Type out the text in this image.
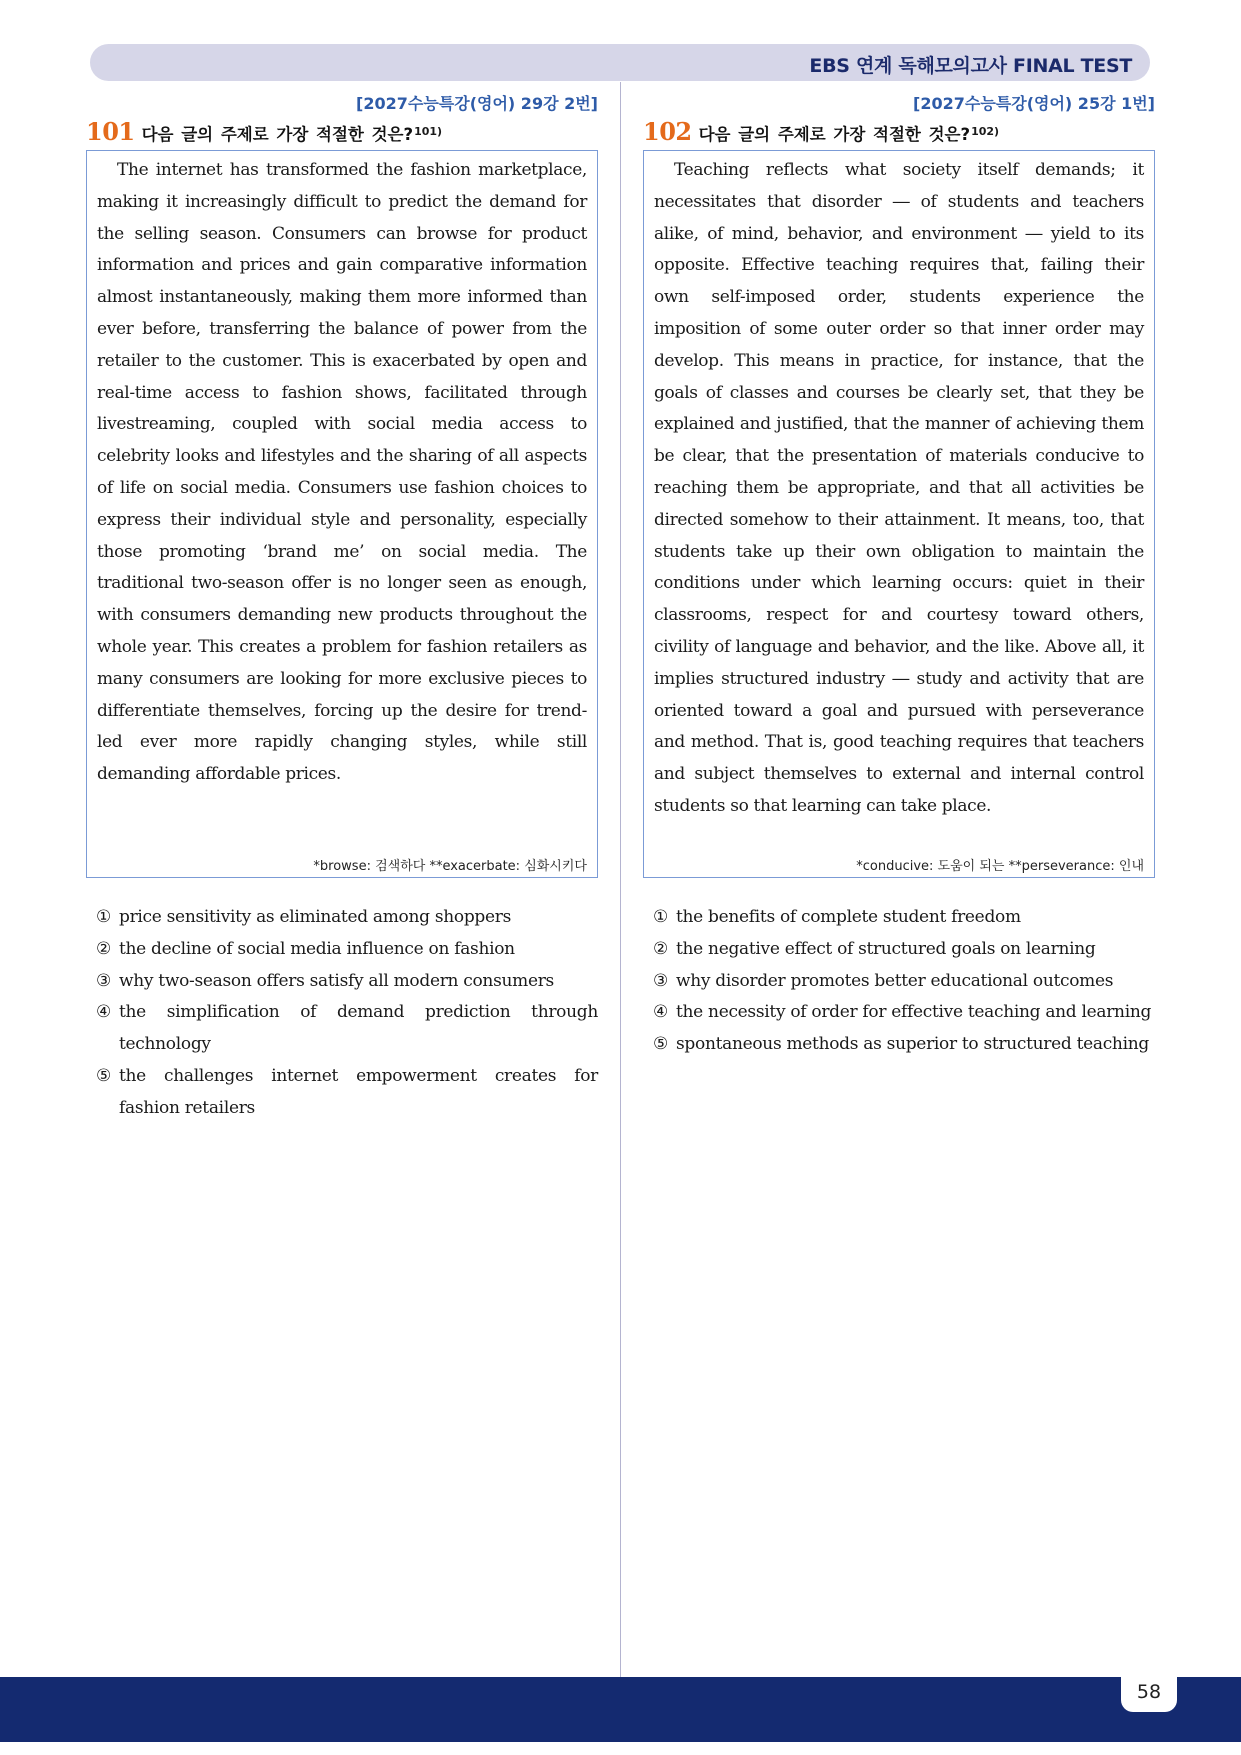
EBS 연계 독해모의고사 FINAL TEST
[2027수능특강(영어) 29강 2번]
101 다음 글의 주제로 가장 적절한 것은? 101)

The internet has transformed the fashion marketplace, making it increasingly difficult to predict the demand for the selling season. Consumers can browse for product information and prices and gain comparative information almost instantaneously, making them more informed than ever before, transferring the balance of power from the retailer to the customer. This is exacerbated by open and real-time access to fashion shows, facilitated through livestreaming, coupled with social media access to celebrity looks and lifestyles and the sharing of all aspects of life on social media. Consumers use fashion choices to express their individual style and personality, especially those promoting ‘brand me’ on social media. The traditional two-season offer is no longer seen as enough, with consumers demanding new products throughout the whole year. This creates a problem for fashion retailers as many consumers are looking for more exclusive pieces to differentiate themselves, forcing up the desire for trend-led ever more rapidly changing styles, while still demanding affordable prices.

*browse: 검색하다 **exacerbate: 심화시키다
① price sensitivity as eliminated among shoppers
② the decline of social media influence on fashion
③ why two-season offers satisfy all modern consumers
④ the simplification of demand prediction through technology
⑤ the challenges internet empowerment creates for fashion retailers
[2027수능특강(영어) 25강 1번]
102 다음 글의 주제로 가장 적절한 것은? 102)

Teaching reflects what society itself demands; it necessitates that disorder ― of students and teachers alike, of mind, behavior, and environment ― yield to its opposite. Effective teaching requires that, failing their own self-imposed order, students experience the imposition of some outer order so that inner order may develop. This means in practice, for instance, that the goals of classes and courses be clearly set, that they be explained and justified, that the manner of achieving them be clear, that the presentation of materials conducive to reaching them be appropriate, and that all activities be directed somehow to their attainment. It means, too, that students take up their own obligation to maintain the conditions under which learning occurs: quiet in their classrooms, respect for and courtesy toward others, civility of language and behavior, and the like. Above all, it implies structured industry ― study and activity that are oriented toward a goal and pursued with perseverance and method. That is, good teaching requires that teachers and subject themselves to external and internal control students so that learning can take place.

*conducive: 도움이 되는 **perseverance: 인내
① the benefits of complete student freedom
② the negative effect of structured goals on learning
③ why disorder promotes better educational outcomes
④ the necessity of order for effective teaching and learning
⑤ spontaneous methods as superior to structured teaching
58
